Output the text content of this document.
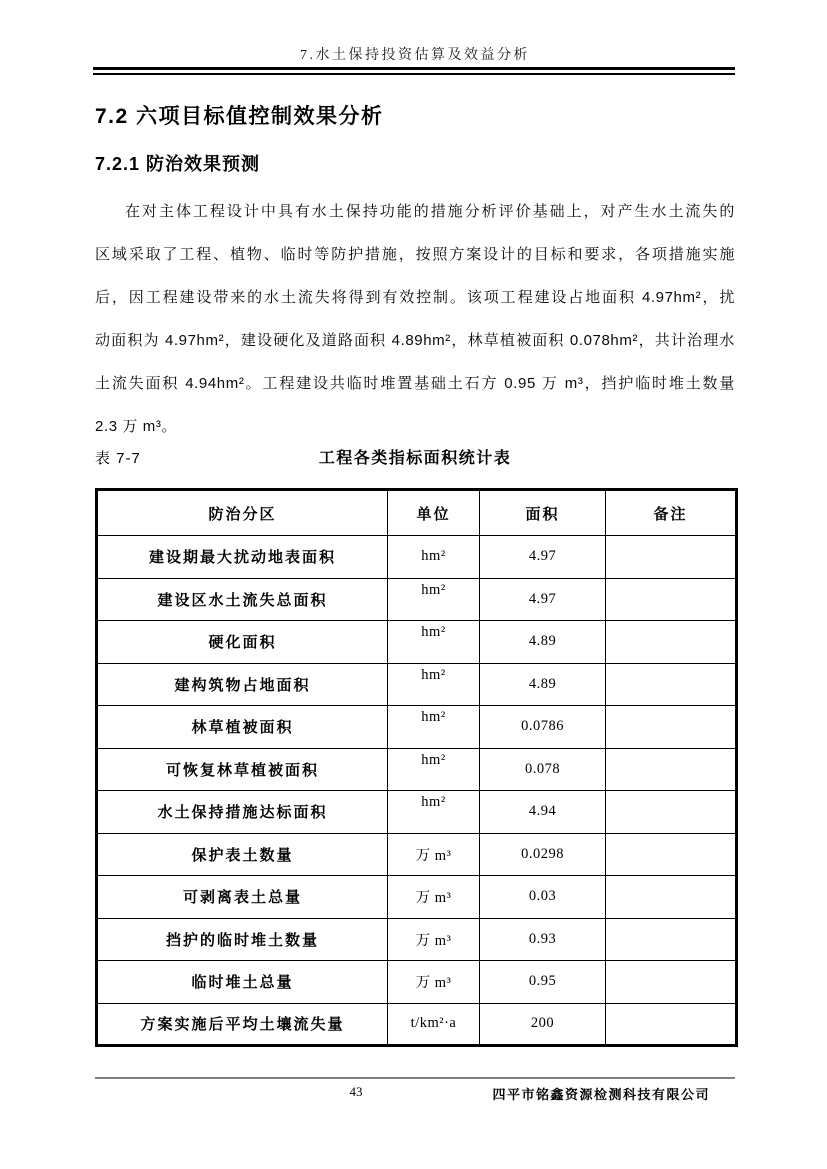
7.水土保持投资估算及效益分析
7.2 六项目标值控制效果分析
7.2.1 防治效果预测
在对主体工程设计中具有水土保持功能的措施分析评价基础上，对产生水土流失的
区域采取了工程、植物、临时等防护措施，按照方案设计的目标和要求，各项措施实施
后，因工程建设带来的水土流失将得到有效控制。该项工程建设占地面积 4.97hm²，扰
动面积为 4.97hm²，建设硬化及道路面积 4.89hm²，林草植被面积 0.078hm²，共计治理水
土流失面积 4.94hm²。工程建设共临时堆置基础土石方 0.95 万 m³，挡护临时堆土数量
2.3 万 m³。
表 7-7	工程各类指标面积统计表
防治分区	单位	面积	备注
建设期最大扰动地表面积	hm²	4.97	
建设区水土流失总面积	hm²	4.97	
硬化面积	hm²	4.89	
建构筑物占地面积	hm²	4.89	
林草植被面积	hm²	0.0786	
可恢复林草植被面积	hm²	0.078	
水土保持措施达标面积	hm²	4.94	
保护表土数量	万 m³	0.0298	
可剥离表土总量	万 m³	0.03	
挡护的临时堆土数量	万 m³	0.93	
临时堆土总量	万 m³	0.95	
方案实施后平均土壤流失量	t/km²·a	200	
43	四平市铭鑫资源检测科技有限公司
